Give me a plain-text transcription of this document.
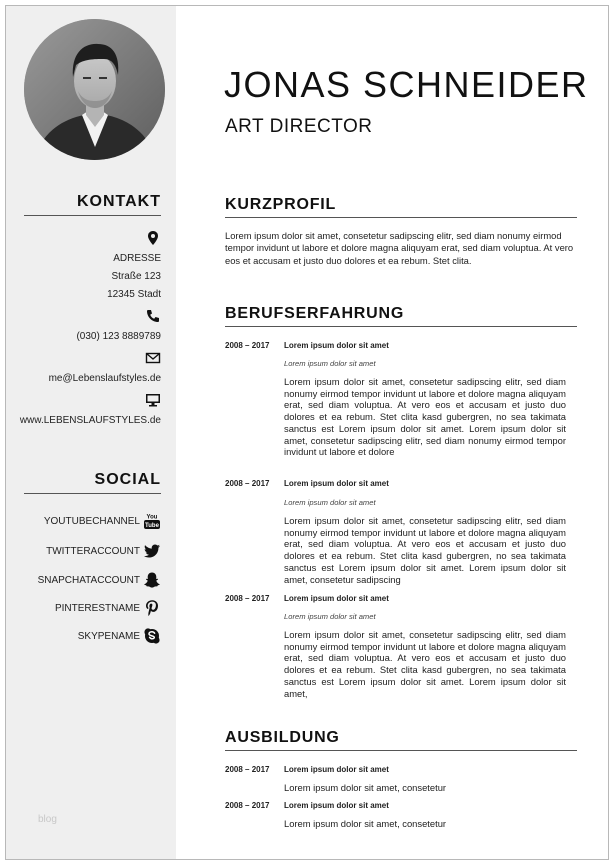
JONAS SCHNEIDER
ART DIRECTOR
KONTAKT
ADRESSE
Straße 123
12345 Stadt
(030) 123 8889789
me@Lebenslaufstyles.de
www.LEBENSLAUFSTYLES.de
SOCIAL
YOUTUBECHANNEL You
Tube
TWITTERACCOUNT
SNAPCHATACCOUNT
PINTERESTNAME
SKYPENAME
KURZPROFIL
Lorem ipsum dolor sit amet, consetetur sadipscing elitr, sed diam nonumy eirmod tempor invidunt ut labore et dolore magna aliquyam erat, sed diam voluptua. At vero eos et accusam et justo duo dolores et ea rebum. Stet clita.
BERUFSERFAHRUNG
2008 – 2017 Lorem ipsum dolor sit amet
Lorem ipsum dolor sit amet
Lorem ipsum dolor sit amet, consetetur sadipscing elitr, sed diam nonumy eirmod tempor invidunt ut labore et dolore magna aliquyam erat, sed diam voluptua. At vero eos et accusam et justo duo dolores et ea rebum. Stet clita kasd gubergren, no sea takimata sanctus est Lorem ipsum dolor sit amet. Lorem ipsum dolor sit amet, consetetur sadipscing elitr, sed diam nonumy eirmod tempor invidunt ut labore et dolore
2008 – 2017 Lorem ipsum dolor sit amet
Lorem ipsum dolor sit amet
Lorem ipsum dolor sit amet, consetetur sadipscing elitr, sed diam nonumy eirmod tempor invidunt ut labore et dolore magna aliquyam erat, sed diam voluptua. At vero eos et accusam et justo duo dolores et ea rebum. Stet clita kasd gubergren, no sea takimata sanctus est Lorem ipsum dolor sit amet. Lorem ipsum dolor sit amet, consetetur sadipscing
2008 – 2017 Lorem ipsum dolor sit amet
Lorem ipsum dolor sit amet
Lorem ipsum dolor sit amet, consetetur sadipscing elitr, sed diam nonumy eirmod tempor invidunt ut labore et dolore magna aliquyam erat, sed diam voluptua. At vero eos et accusam et justo duo dolores et ea rebum. Stet clita kasd gubergren, no sea takimata sanctus est Lorem ipsum dolor sit amet. Lorem ipsum dolor sit amet,
AUSBILDUNG
2008 – 2017 Lorem ipsum dolor sit amet
Lorem ipsum dolor sit amet, consetetur
2008 – 2017 Lorem ipsum dolor sit amet
Lorem ipsum dolor sit amet, consetetur
blog
